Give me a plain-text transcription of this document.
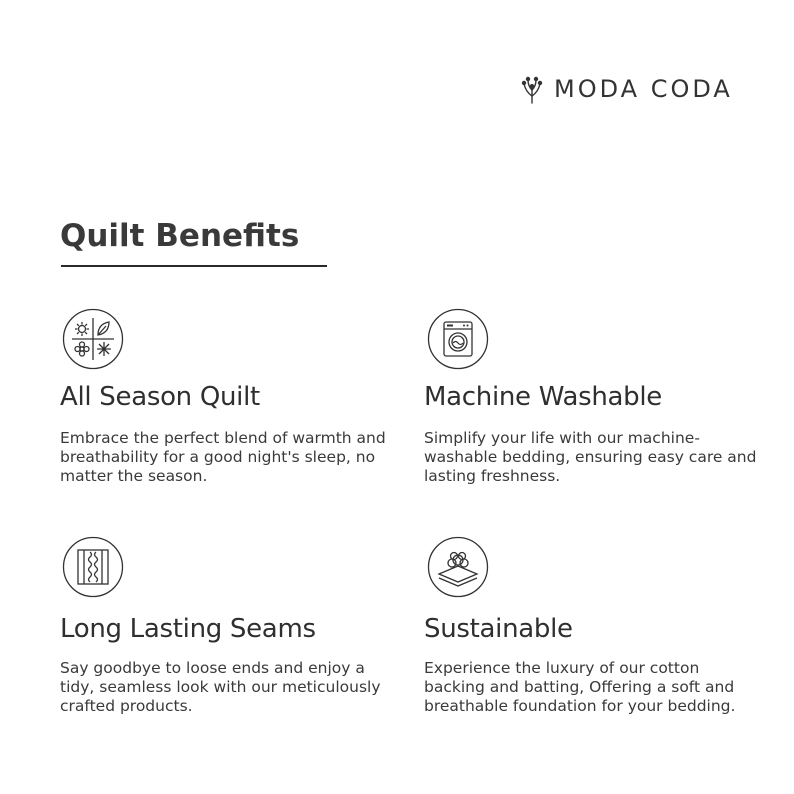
MODA CODA
Quilt Benefits
All Season Quilt

Embrace the perfect blend of warmth and breathability for a good night's sleep, no matter the season.

Machine Washable

Simplify your life with our machine-washable bedding, ensuring easy care and lasting freshness.

Long Lasting Seams

Say goodbye to loose ends and enjoy a tidy, seamless look with our meticulously crafted products.

Sustainable

Experience the luxury of our cotton backing and batting, Offering a soft and breathable foundation for your bedding.
